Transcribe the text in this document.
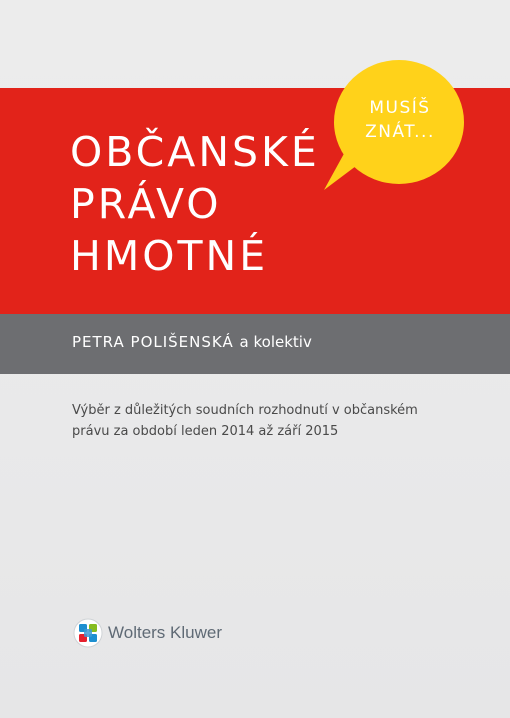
OBČANSKÉ
PRÁVO
HMOTNÉ
MUSÍŠ
ZNÁT...
PETRA POLIŠENSKÁ a kolektiv
Výběr z důležitých soudních rozhodnutí v občanském
právu za období leden 2014 až září 2015
Wolters Kluwer
